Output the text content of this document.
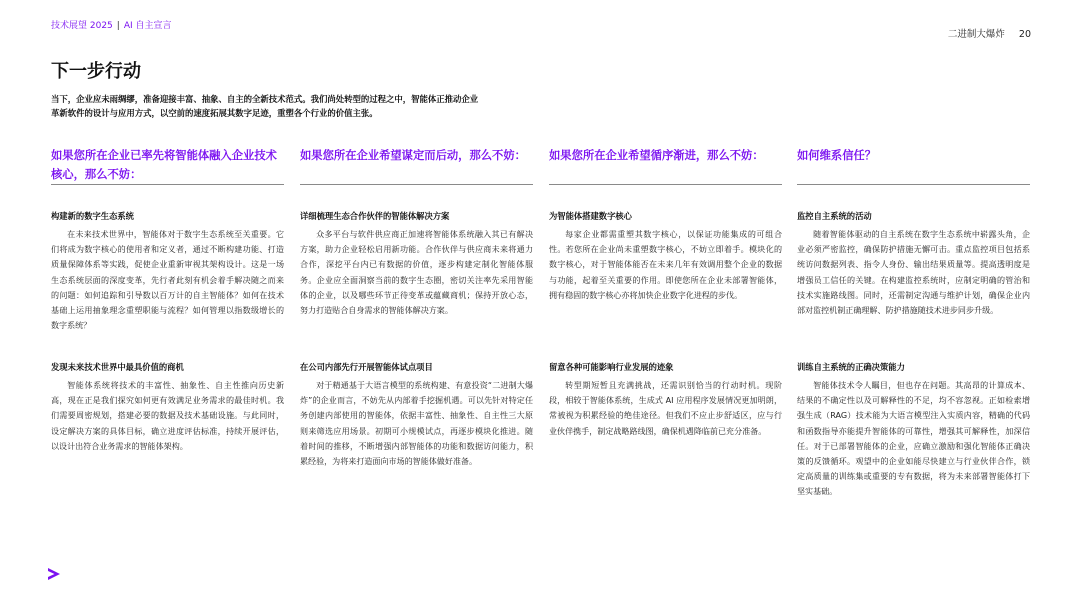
技术展望 2025 | AI 自主宣言
二进制大爆炸 20
下一步行动

当下，企业应未雨绸缪，准备迎接丰富、抽象、自主的全新技术范式。我们尚处转型的过程之中，智能体正推动企业革新软件的设计与应用方式，以空前的速度拓展其数字足迹，重塑各个行业的价值主张。

如果您所在企业已率先将智能体融入企业技术核心，那么不妨：
构建新的数字生态系统

在未来技术世界中，智能体对于数字生态系统至关重要。它们将成为数字核心的使用者和定义者，通过不断构建功能、打造质量保障体系等实践，促使企业重新审视其架构设计。这是一场生态系统层面的深度变革，先行者此刻有机会着手解决随之而来的问题：如何追踪和引导数以百万计的自主智能体？如何在技术基础上运用抽象理念重塑职能与流程？如何管理以指数级增长的数字系统？

发现未来技术世界中最具价值的商机

智能体系统将技术的丰富性、抽象性、自主性推向历史新高，现在正是我们探究如何更有效满足业务需求的最佳时机。我们需要周密规划，搭建必要的数据及技术基础设施。与此同时，设定解决方案的具体目标，确立进度评估标准，持续开展评估，以设计出符合业务需求的智能体架构。

如果您所在企业希望谋定而后动，那么不妨：
详细梳理生态合作伙伴的智能体解决方案

众多平台与软件供应商正加速将智能体系统融入其已有解决方案，助力企业轻松启用新功能。合作伙伴与供应商未来将通力合作，深挖平台内已有数据的价值，逐步构建定制化智能体服务。企业应全面洞察当前的数字生态圈，密切关注率先采用智能体的企业，以及哪些环节正待变革或蕴藏商机；保持开放心态，努力打造贴合自身需求的智能体解决方案。

在公司内部先行开展智能体试点项目

对于精通基于大语言模型的系统构建、有意投资“二进制大爆炸”的企业而言，不妨先从内部着手挖掘机遇。可以先针对特定任务创建内部使用的智能体，依据丰富性、抽象性、自主性三大原则来筛选应用场景。初期可小规模试点，再逐步模块化推进。随着时间的推移，不断增强内部智能体的功能和数据访问能力，积累经验，为将来打造面向市场的智能体做好准备。

如果您所在企业希望循序渐进，那么不妨：
为智能体搭建数字核心

每家企业都需重塑其数字核心，以保证功能集成的可组合性。若您所在企业尚未重塑数字核心，不妨立即着手。模块化的数字核心，对于智能体能否在未来几年有效调用整个企业的数据与功能，起着至关重要的作用。即使您所在企业未部署智能体，拥有稳固的数字核心亦将加快企业数字化进程的步伐。

留意各种可能影响行业发展的迹象

转型期短暂且充满挑战，还需识别恰当的行动时机。现阶段，相较于智能体系统，生成式 AI 应用程序发展情况更加明朗，常被视为积累经验的绝佳途径。但我们不应止步舒适区，应与行业伙伴携手，制定战略路线图，确保机遇降临前已充分准备。

如何维系信任？
监控自主系统的活动

随着智能体驱动的自主系统在数字生态系统中崭露头角，企业必须严密监控，确保防护措施无懈可击。重点监控项目包括系统访问数据列表、指令人身份、输出结果质量等。提高透明度是增强员工信任的关键。在构建监控系统时，应制定明确的管治和技术实施路线图。同时，还需制定沟通与维护计划，确保企业内部对监控机制正确理解、防护措施随技术进步同步升级。

训练自主系统的正确决策能力

智能体技术令人瞩目，但也存在问题。其高昂的计算成本、结果的不确定性以及可解释性的不足，均不容忽视。正如检索增强生成（RAG）技术能为大语言模型注入实质内容，精确的代码和函数指导亦能提升智能体的可靠性，增强其可解释性，加深信任。对于已部署智能体的企业，应确立激励和强化智能体正确决策的反馈循环。观望中的企业如能尽快建立与行业伙伴合作，锁定高质量的训练集或重要的专有数据，将为未来部署智能体打下坚实基础。
